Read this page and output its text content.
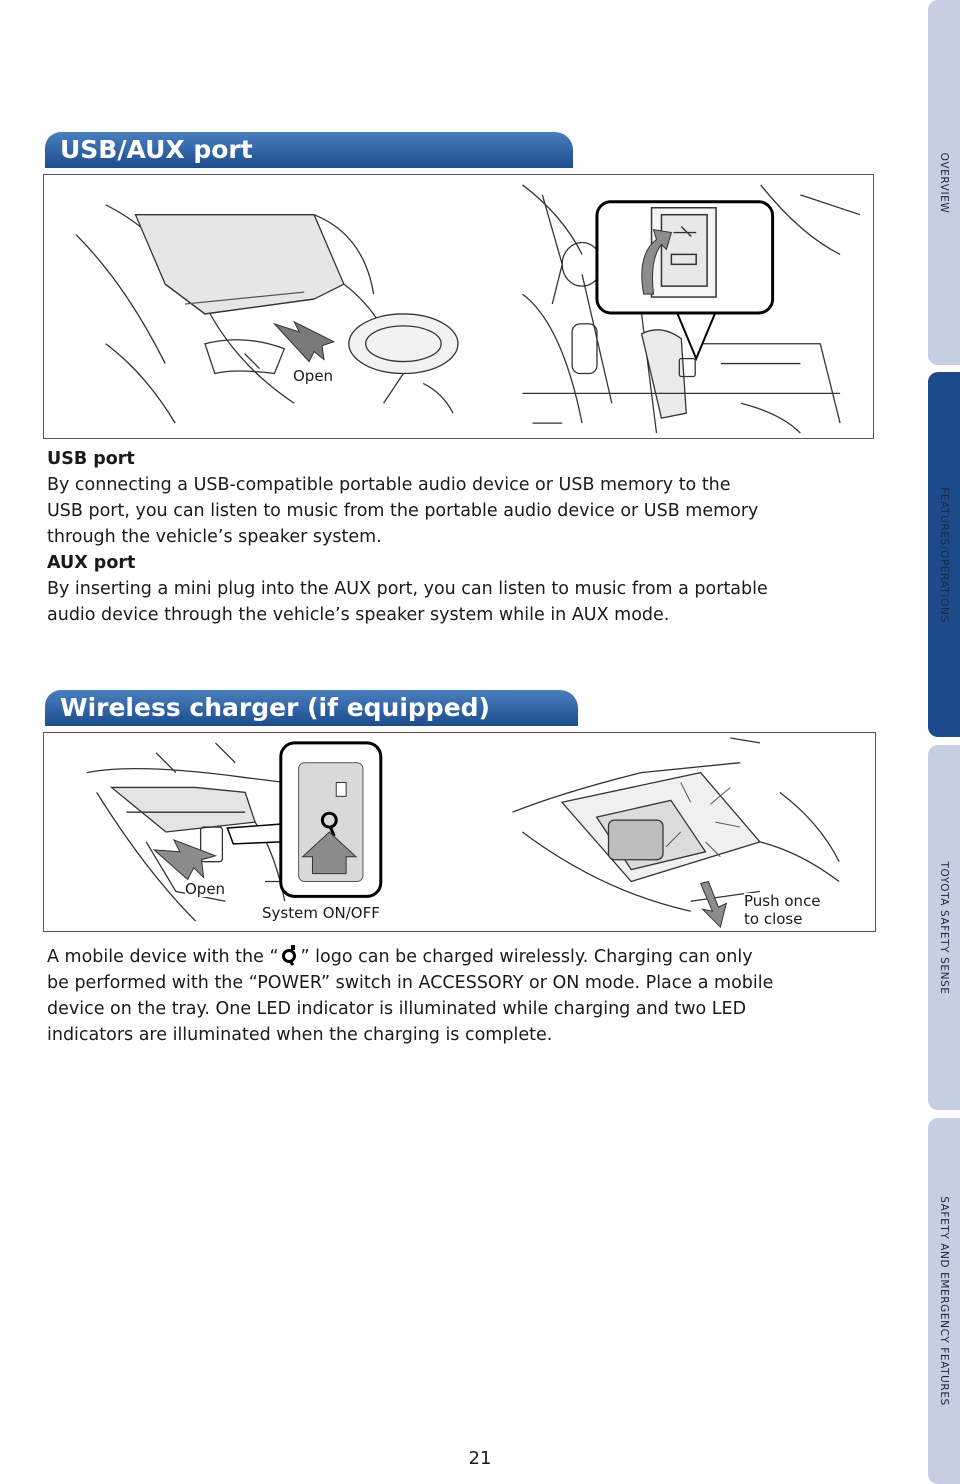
OVERVIEW
FEATURES/OPERATIONS
TOYOTA SAFETY SENSE
SAFETY AND EMERGENCY FEATURES
USB/AUX port
Open

USB port

By connecting a USB-compatible portable audio device or USB memory to the

USB port, you can listen to music from the portable audio device or USB memory

through the vehicle’s speaker system.

AUX port

By inserting a mini plug into the AUX port, you can listen to music from a portable

audio device through the vehicle’s speaker system while in AUX mode.

Wireless charger (if equipped)
Open
System ON/OFF
Push once
to close

A mobile device with the “ ” logo can be charged wirelessly. Charging can only

be performed with the “POWER” switch in ACCESSORY or ON mode. Place a mobile

device on the tray. One LED indicator is illuminated while charging and two LED

indicators are illuminated when the charging is complete.

21
